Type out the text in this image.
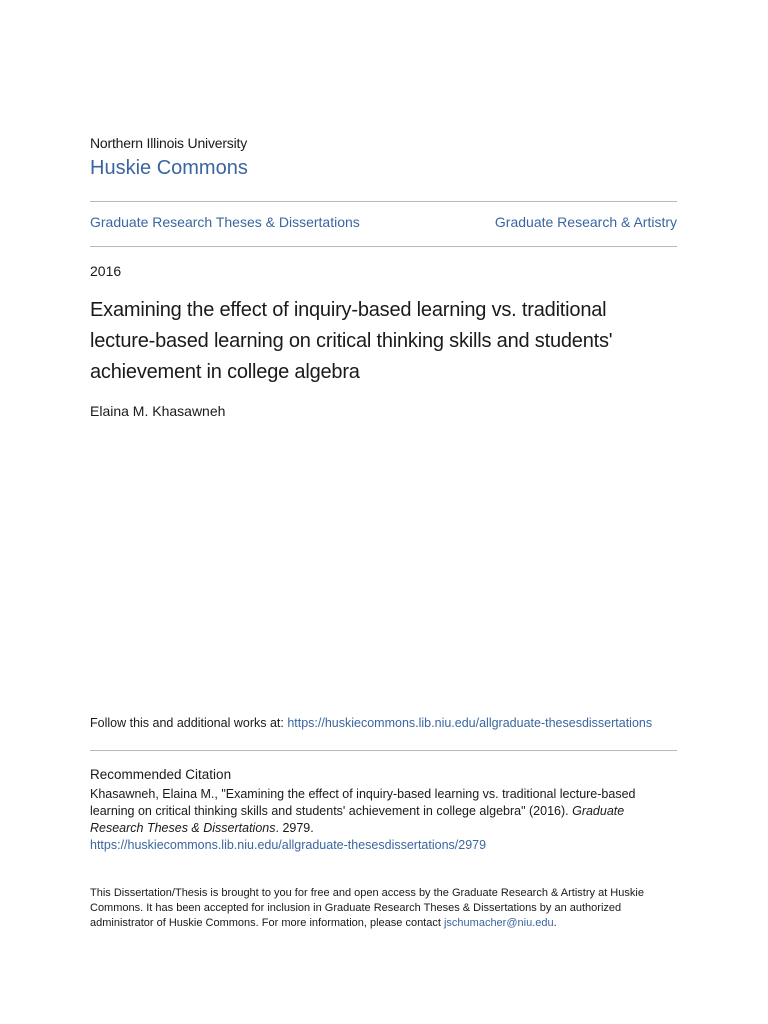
Northern Illinois University
Huskie Commons
Graduate Research Theses & Dissertations	Graduate Research & Artistry
2016
Examining the effect of inquiry-based learning vs. traditional lecture-based learning on critical thinking skills and students' achievement in college algebra
Elaina M. Khasawneh
Follow this and additional works at: https://huskiecommons.lib.niu.edu/allgraduate-thesesdissertations
Recommended Citation
Khasawneh, Elaina M., "Examining the effect of inquiry-based learning vs. traditional lecture-based learning on critical thinking skills and students' achievement in college algebra" (2016). Graduate Research Theses & Dissertations. 2979.
https://huskiecommons.lib.niu.edu/allgraduate-thesesdissertations/2979
This Dissertation/Thesis is brought to you for free and open access by the Graduate Research & Artistry at Huskie Commons. It has been accepted for inclusion in Graduate Research Theses & Dissertations by an authorized administrator of Huskie Commons. For more information, please contact jschumacher@niu.edu.
